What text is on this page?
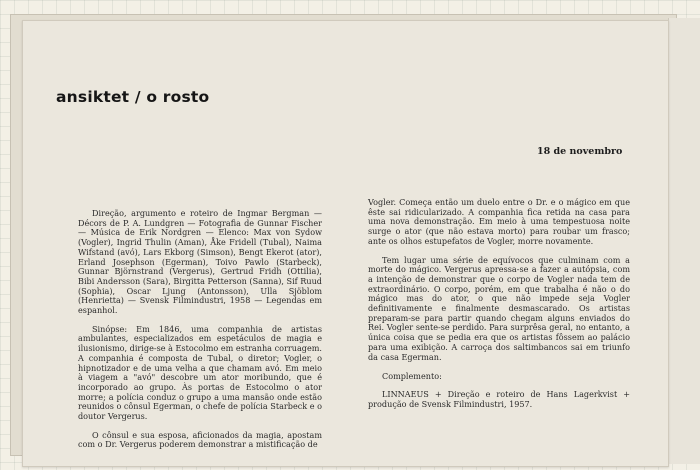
ansiktet / o rosto
18 de novembro

Direção, argumento e roteiro de Ingmar Bergman — Décors de P. A. Lundgren — Fotografia de Gunnar Fischer — Música de Erik Nordgren — Elenco: Max von Sydow (Vogler), Ingrid Thulin (Aman), Åke Fridell (Tubal), Naima Wifstand (avó), Lars Ekborg (Simson), Bengt Ekerot (ator), Erland Josephson (Egerman), Toivo Pawlo (Starbeck), Gunnar Björnstrand (Vergerus), Gertrud Fridh (Ottilia), Bibi Andersson (Sara), Birgitta Petterson (Sanna), Sif Ruud (Sophia), Oscar Ljung (Antonsson), Ulla Sjöblom (Henrietta) — Svensk Filmindustri, 1958 — Legendas em espanhol.

Sinópse: Em 1846, uma companhia de artistas ambulantes, especializados em espetáculos de magia e ilusionismo, dirige-se à Estocolmo em estranha corruagem. A companhia é composta de Tubal, o diretor; Vogler, o hipnotizador e de uma velha a que chamam avó. Em meio à viagem a "avó" descobre um ator moribundo, que é incorporado ao grupo. Às portas de Estocolmo o ator morre; a polícia conduz o grupo a uma mansão onde estão reunidos o cônsul Egerman, o chefe de polícia Starbeck e o doutor Vergerus.

O cônsul e sua esposa, aficionados da magia, apostam com o Dr. Vergerus poderem demonstrar a mistificação de

Vogler. Começa então um duelo entre o Dr. e o mágico em que êste sai ridicularizado. A companhia fica retida na casa para uma nova demonstração. Em meio à uma tempestuosa noite surge o ator (que não estava morto) para roubar um frasco; ante os olhos estupefatos de Vogler, morre novamente.

Tem lugar uma série de equívocos que culminam com a morte do mágico. Vergerus apressa-se a fazer a autópsia, com a intenção de demonstrar que o corpo de Vogler nada tem de extraordinário. O corpo, porém, em que trabalha é não o do mágico mas do ator, o que não impede seja Vogler definitivamente e finalmente desmascarado. Os artistas preparam-se para partir quando chegam alguns enviados do Rei. Vogler sente-se perdido. Para surprêsa geral, no entanto, a única coisa que se pedia era que os artistas fôssem ao palácio para uma exibição. A carroça dos saltimbancos sai em triunfo da casa Egerman.

Complemento:

LINNAEUS + Direção e roteiro de Hans Lagerkvist + produção de Svensk Filmindustri, 1957.
